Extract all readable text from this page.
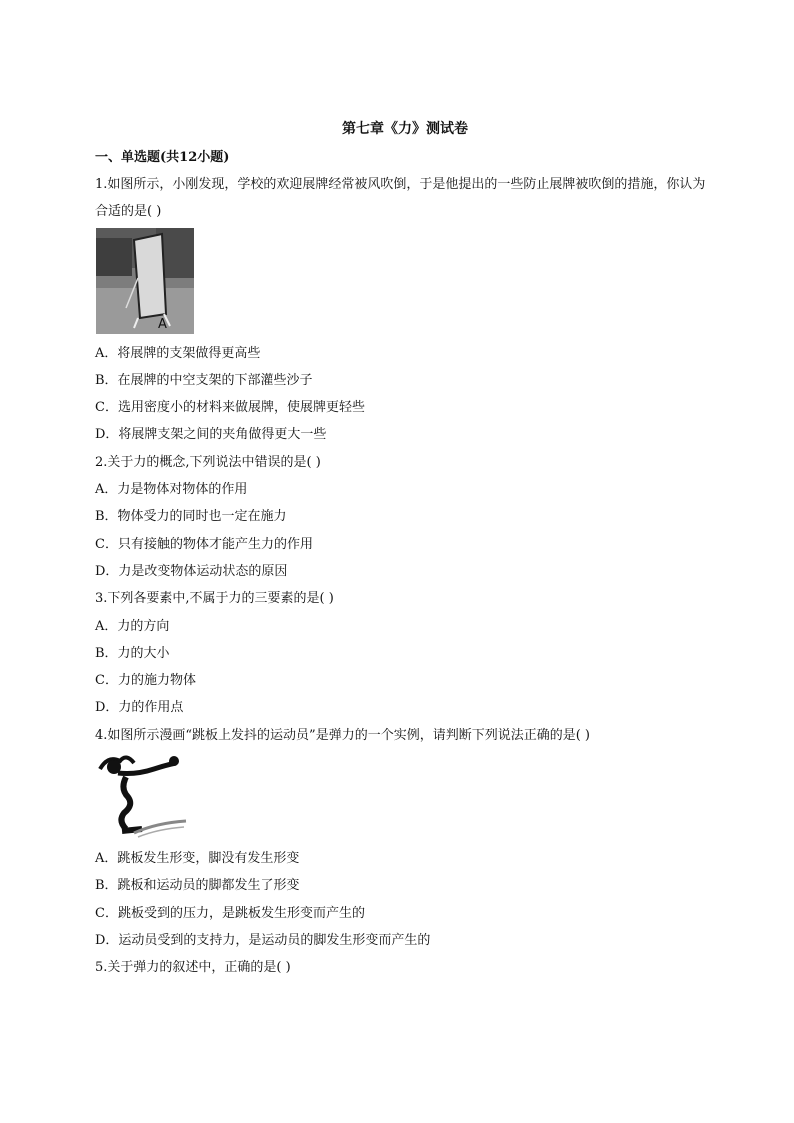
第七章《力》测试卷
一、单选题(共12小题)
1.如图所示，小刚发现，学校的欢迎展牌经常被风吹倒，于是他提出的一些防止展牌被吹倒的措施，你认为合适的是( )
A
A．将展牌的支架做得更高些
B．在展牌的中空支架的下部灌些沙子
C．选用密度小的材料来做展牌，使展牌更轻些
D．将展牌支架之间的夹角做得更大一些
2.关于力的概念,下列说法中错误的是( )
A．力是物体对物体的作用
B．物体受力的同时也一定在施力
C．只有接触的物体才能产生力的作用
D．力是改变物体运动状态的原因
3.下列各要素中,不属于力的三要素的是( )
A．力的方向
B．力的大小
C．力的施力物体
D．力的作用点
4.如图所示漫画“跳板上发抖的运动员”是弹力的一个实例，请判断下列说法正确的是( )
A．跳板发生形变，脚没有发生形变
B．跳板和运动员的脚都发生了形变
C．跳板受到的压力，是跳板发生形变而产生的
D．运动员受到的支持力，是运动员的脚发生形变而产生的
5.关于弹力的叙述中，正确的是( )
